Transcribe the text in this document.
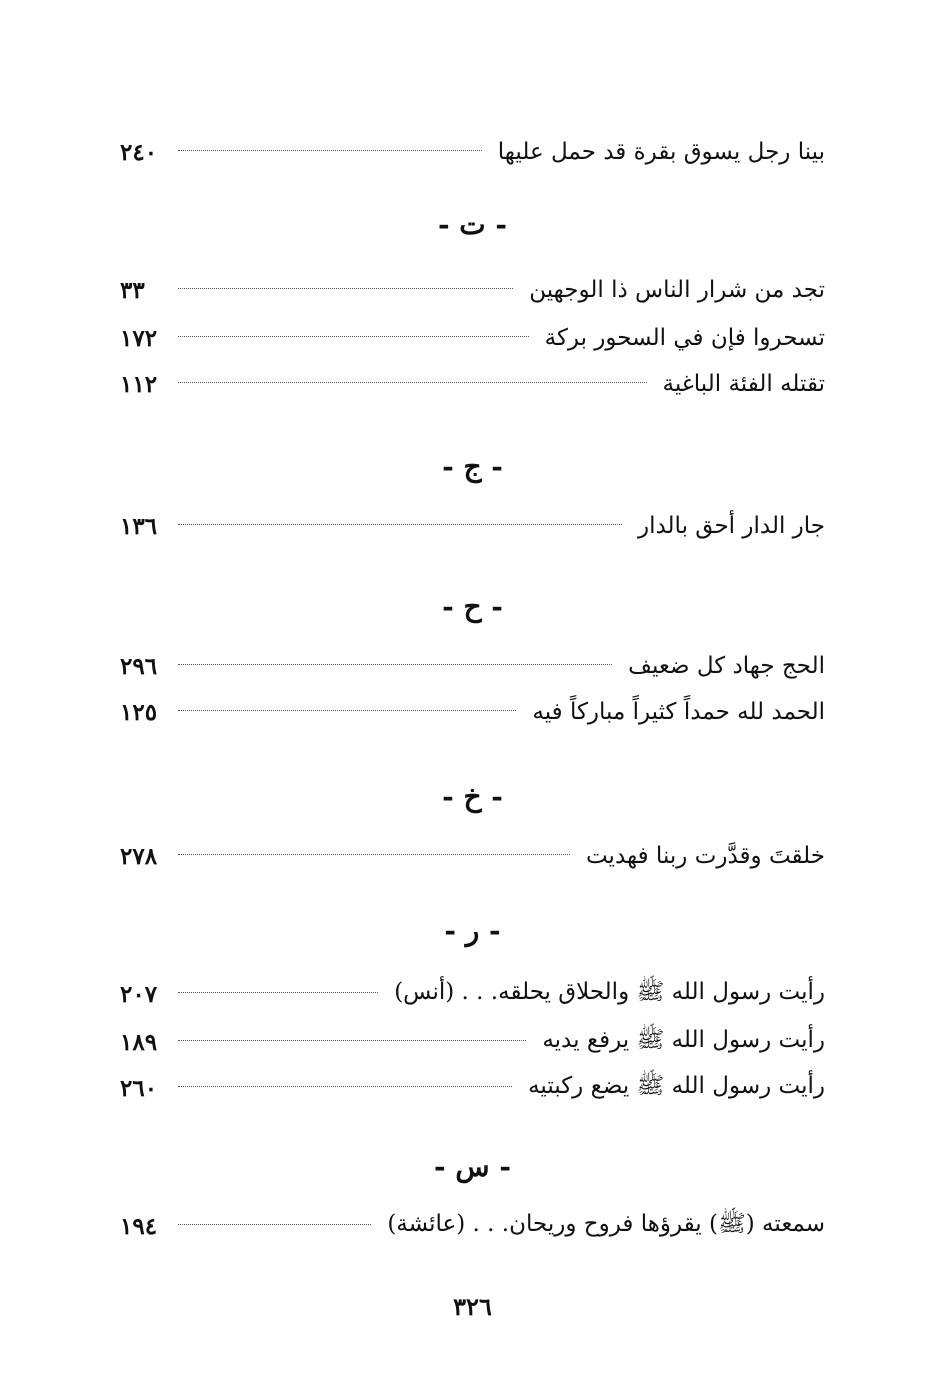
بينا رجل يسوق بقرة قد حمل عليها
٢٤٠
- ت -
تجد من شرار الناس ذا الوجهين
٣٣
تسحروا فإن في السحور بركة
١٧٢
تقتله الفئة الباغية
١١٢
- ج -
جار الدار أحق بالدار
١٣٦
- ح -
الحج جهاد كل ضعيف
٢٩٦
الحمد لله حمداً كثيراً مباركاً فيه
١٢٥
- خ -
خلقتَ وقدَّرت ربنا فهديت
٢٧٨
- ر -
رأيت رسول الله ﷺ والحلاق يحلقه. . . (أنس)
٢٠٧
رأيت رسول الله ﷺ يرفع يديه
١٨٩
رأيت رسول الله ﷺ يضع ركبتيه
٢٦٠
- س -
سمعته (ﷺ) يقرؤها فروح وريحان. . . (عائشة)
١٩٤
٣٢٦
